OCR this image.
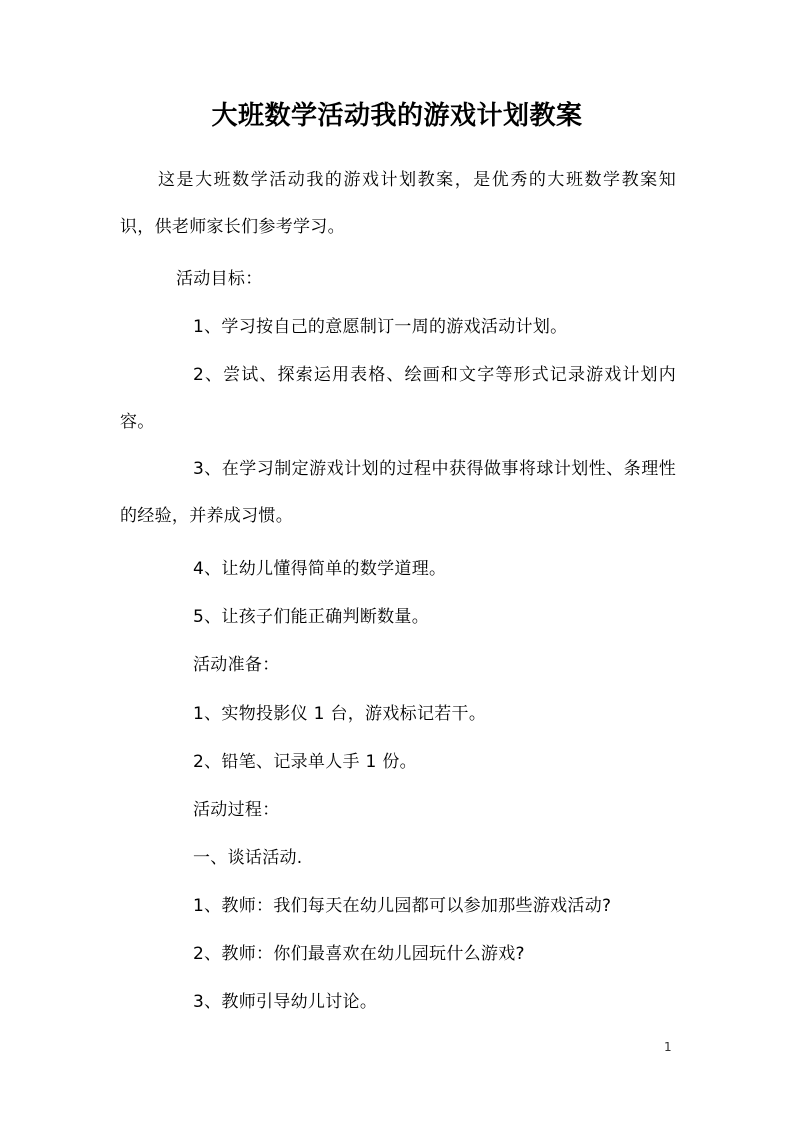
大班数学活动我的游戏计划教案
这是大班数学活动我的游戏计划教案，是优秀的大班数学教案知识，供老师家长们参考学习。
活动目标：
1、学习按自己的意愿制订一周的游戏活动计划。
2、尝试、探索运用表格、绘画和文字等形式记录游戏计划内容。
3、在学习制定游戏计划的过程中获得做事将球计划性、条理性的经验，并养成习惯。
4、让幼儿懂得简单的数学道理。
5、让孩子们能正确判断数量。
活动准备：
1、实物投影仪 1 台，游戏标记若干。
2、铅笔、记录单人手 1 份。
活动过程：
一、谈话活动.
1、教师：我们每天在幼儿园都可以参加那些游戏活动?
2、教师：你们最喜欢在幼儿园玩什么游戏?
3、教师引导幼儿讨论。
1
